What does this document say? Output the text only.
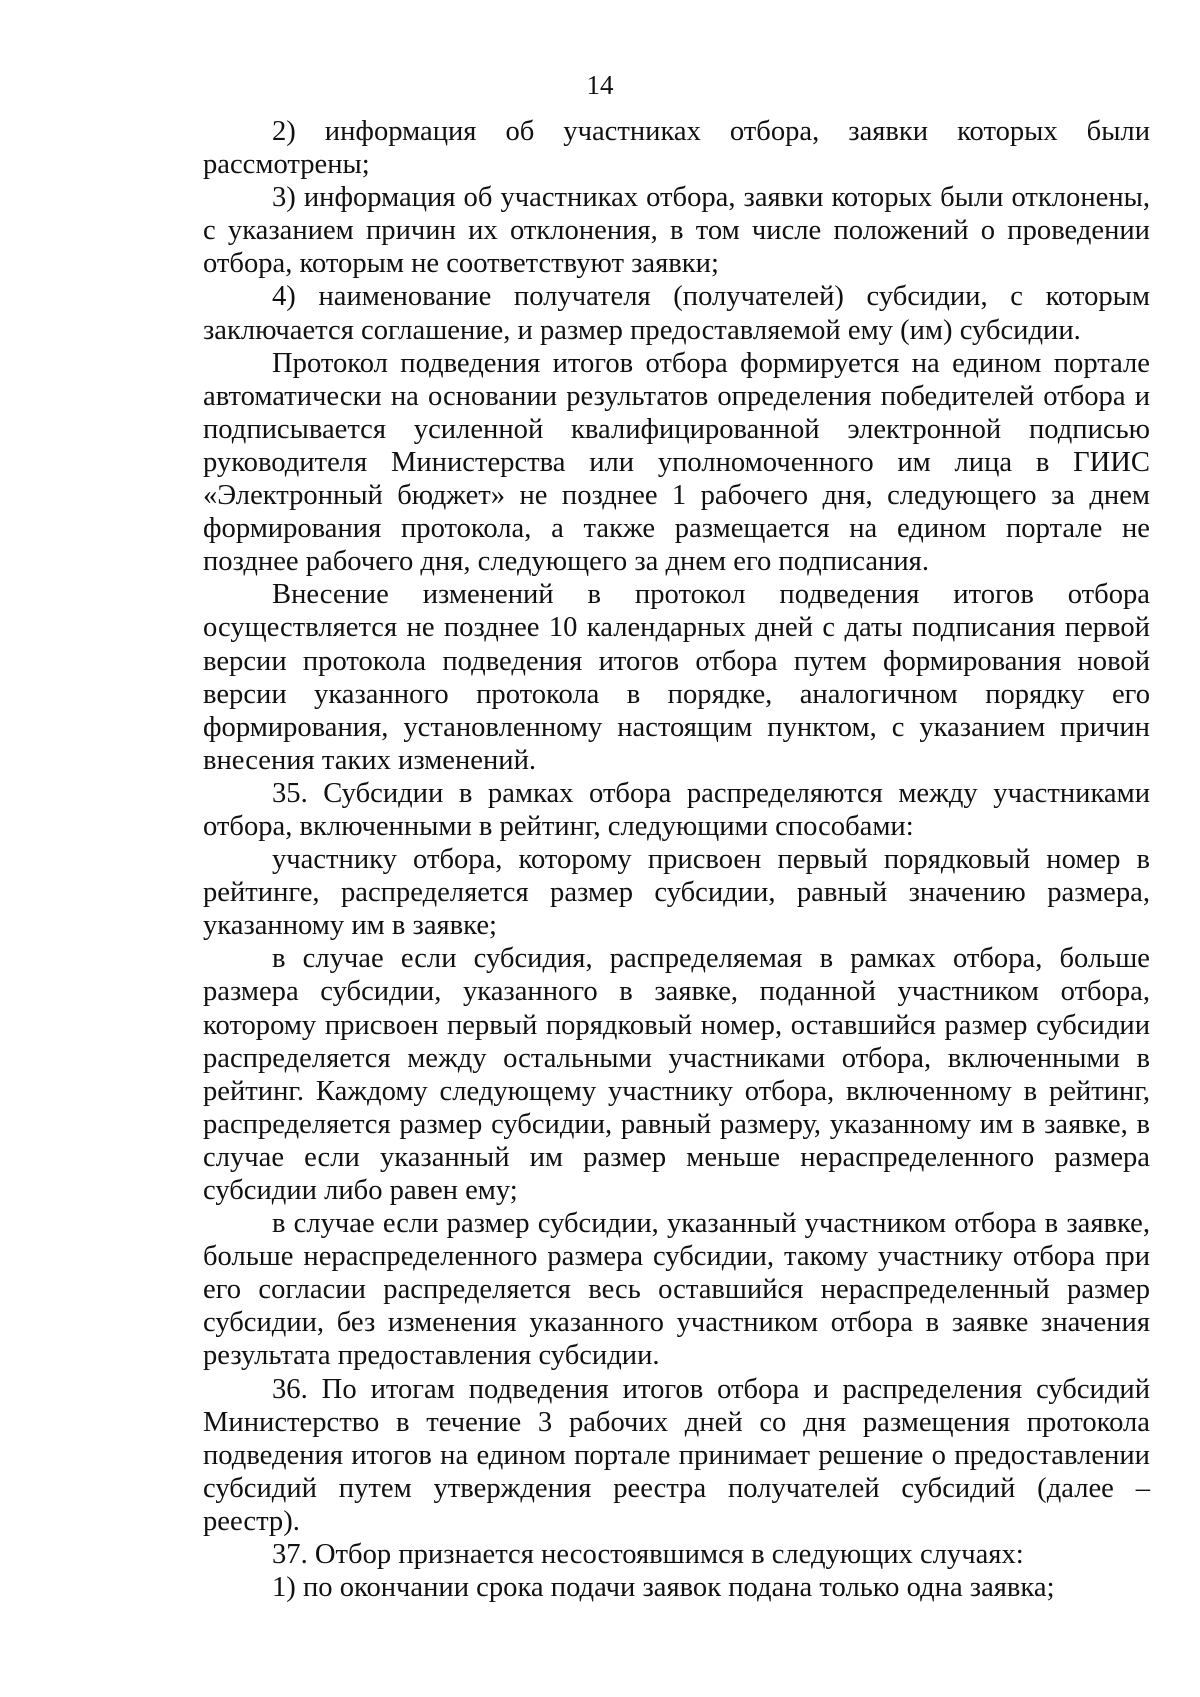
14

2) информация об участниках отбора, заявки которых были рассмотрены;

3) информация об участниках отбора, заявки которых были отклонены, с указанием причин их отклонения, в том числе положений о проведении отбора, которым не соответствуют заявки;

4) наименование получателя (получателей) субсидии, с которым заключается соглашение, и размер предоставляемой ему (им) субсидии.

Протокол подведения итогов отбора формируется на едином портале автоматически на основании результатов определения победителей отбора и подписывается усиленной квалифицированной электронной подписью руководителя Министерства или уполномоченного им лица в ГИИС «Электронный бюджет» не позднее 1 рабочего дня, следующего за днем формирования протокола, а также размещается на едином портале не позднее рабочего дня, следующего за днем его подписания.

Внесение изменений в протокол подведения итогов отбора осуществляется не позднее 10 календарных дней с даты подписания первой версии протокола подведения итогов отбора путем формирования новой версии указанного протокола в порядке, аналогичном порядку его формирования, установленному настоящим пунктом, с указанием причин внесения таких изменений.

35. Субсидии в рамках отбора распределяются между участниками отбора, включенными в рейтинг, следующими способами:

участнику отбора, которому присвоен первый порядковый номер в рейтинге, распределяется размер субсидии, равный значению размера, указанному им в заявке;

в случае если субсидия, распределяемая в рамках отбора, больше размера субсидии, указанного в заявке, поданной участником отбора, которому присвоен первый порядковый номер, оставшийся размер субсидии распределяется между остальными участниками отбора, включенными в рейтинг. Каждому следующему участнику отбора, включенному в рейтинг, распределяется размер субсидии, равный размеру, указанному им в заявке, в случае если указанный им размер меньше нераспределенного размера субсидии либо равен ему;

в случае если размер субсидии, указанный участником отбора в заявке, больше нераспределенного размера субсидии, такому участнику отбора при его согласии распределяется весь оставшийся нераспределенный размер субсидии, без изменения указанного участником отбора в заявке значения результата предоставления субсидии.

36. По итогам подведения итогов отбора и распределения субсидий Министерство в течение 3 рабочих дней со дня размещения протокола подведения итогов на едином портале принимает решение о предоставлении субсидий путем утверждения реестра получателей субсидий (далее – реестр).

37. Отбор признается несостоявшимся в следующих случаях:

1) по окончании срока подачи заявок подана только одна заявка;
